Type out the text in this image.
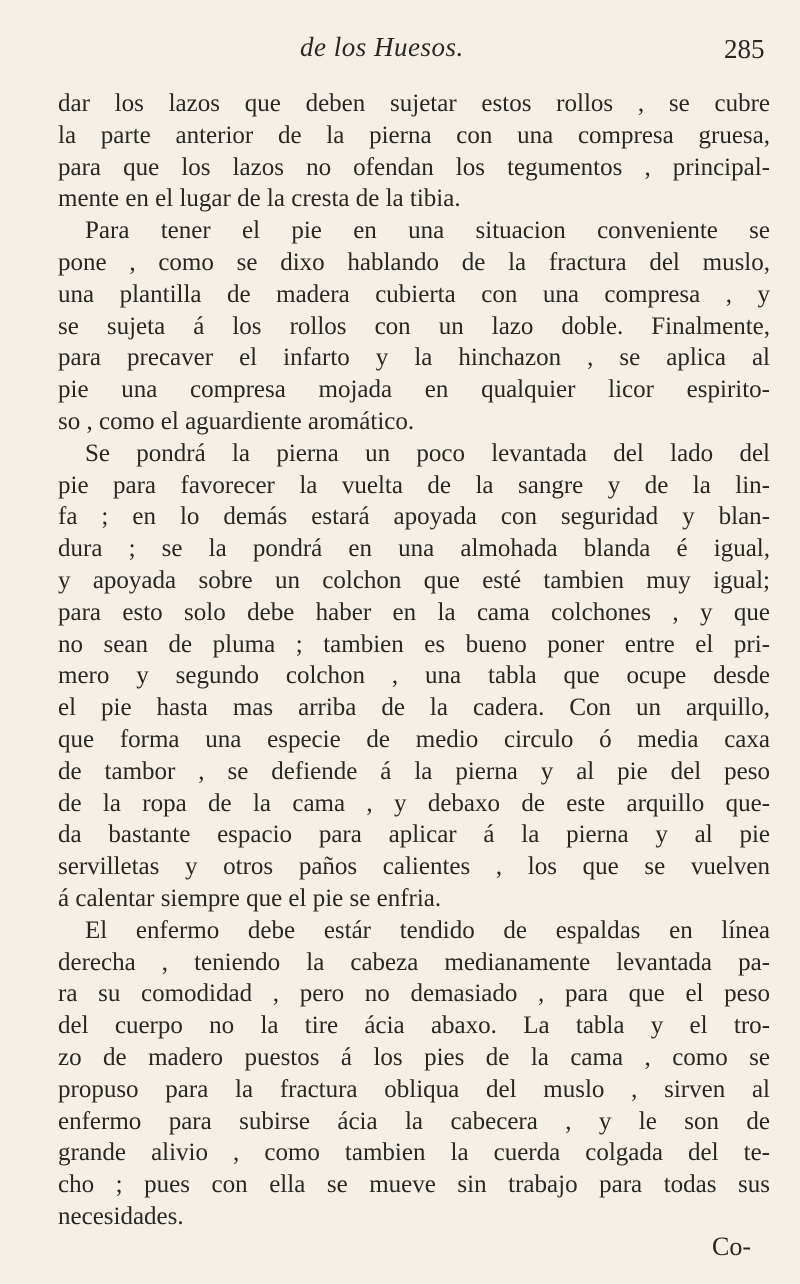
de los Huesos.	285
dar los lazos que deben sujetar estos rollos , se cubre
la parte anterior de la pierna con una compresa gruesa,
para que los lazos no ofendan los tegumentos , principal-
mente en el lugar de la cresta de la tibia.
Para tener el pie en una situacion conveniente se
pone , como se dixo hablando de la fractura del muslo,
una plantilla de madera cubierta con una compresa , y
se sujeta á los rollos con un lazo doble. Finalmente,
para precaver el infarto y la hinchazon , se aplica al
pie una compresa mojada en qualquier licor espirito-
so , como el aguardiente aromático.
Se pondrá la pierna un poco levantada del lado del
pie para favorecer la vuelta de la sangre y de la lin-
fa ; en lo demás estará apoyada con seguridad y blan-
dura ; se la pondrá en una almohada blanda é igual,
y apoyada sobre un colchon que esté tambien muy igual;
para esto solo debe haber en la cama colchones , y que
no sean de pluma ; tambien es bueno poner entre el pri-
mero y segundo colchon , una tabla que ocupe desde
el pie hasta mas arriba de la cadera. Con un arquillo,
que forma una especie de medio circulo ó media caxa
de tambor , se defiende á la pierna y al pie del peso
de la ropa de la cama , y debaxo de este arquillo que-
da bastante espacio para aplicar á la pierna y al pie
servilletas y otros paños calientes , los que se vuelven
á calentar siempre que el pie se enfria.
El enfermo debe estár tendido de espaldas en línea
derecha , teniendo la cabeza medianamente levantada pa-
ra su comodidad , pero no demasiado , para que el peso
del cuerpo no la tire ácia abaxo. La tabla y el tro-
zo de madero puestos á los pies de la cama , como se
propuso para la fractura obliqua del muslo , sirven al
enfermo para subirse ácia la cabecera , y le son de
grande alivio , como tambien la cuerda colgada del te-
cho ; pues con ella se mueve sin trabajo para todas sus
necesidades.
Co-
